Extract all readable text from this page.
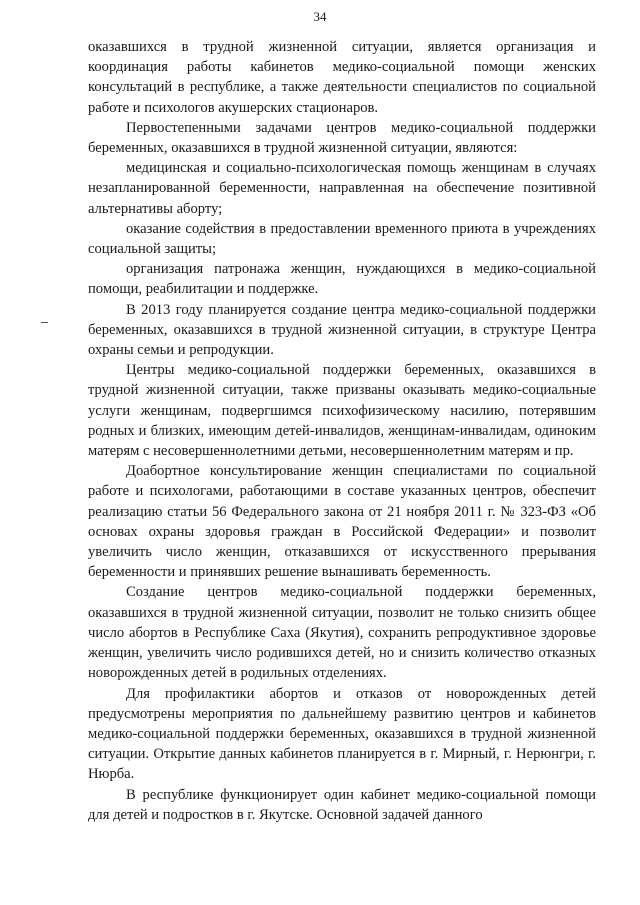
34

оказавшихся в трудной жизненной ситуации, является организация и координация работы кабинетов медико-социальной помощи женских консультаций в республике, а также деятельности специалистов по социальной работе и психологов акушерских стационаров.

Первостепенными задачами центров медико-социальной поддержки беременных, оказавшихся в трудной жизненной ситуации, являются:

медицинская и социально-психологическая помощь женщинам в случаях незапланированной беременности, направленная на обеспечение позитивной альтернативы аборту;

оказание содействия в предоставлении временного приюта в учреждениях социальной защиты;

организация патронажа женщин, нуждающихся в медико-социальной помощи, реабилитации и поддержке.

В 2013 году планируется создание центра медико-социальной поддержки беременных, оказавшихся в трудной жизненной ситуации, в структуре Центра охраны семьи и репродукции.

Центры медико-социальной поддержки беременных, оказавшихся в трудной жизненной ситуации, также призваны оказывать медико-социальные услуги женщинам, подвергшимся психофизическому насилию, потерявшим родных и близких, имеющим детей-инвалидов, женщинам-инвалидам, одиноким матерям с несовершеннолетними детьми, несовершеннолетним матерям и пр.

Доабортное консультирование женщин специалистами по социальной работе и психологами, работающими в составе указанных центров, обеспечит реализацию статьи 56 Федерального закона от 21 ноября 2011 г. № 323-ФЗ «Об основах охраны здоровья граждан в Российской Федерации» и позволит увеличить число женщин, отказавшихся от искусственного прерывания беременности и принявших решение вынашивать беременность.

Создание центров медико-социальной поддержки беременных, оказавшихся в трудной жизненной ситуации, позволит не только снизить общее число абортов в Республике Саха (Якутия), сохранить репродуктивное здоровье женщин, увеличить число родившихся детей, но и снизить количество отказных новорожденных детей в родильных отделениях.

Для профилактики абортов и отказов от новорожденных детей предусмотрены мероприятия по дальнейшему развитию центров и кабинетов медико-социальной поддержки беременных, оказавшихся в трудной жизненной ситуации. Открытие данных кабинетов планируется в г. Мирный, г. Нерюнгри, г. Нюрба.

В республике функционирует один кабинет медико-социальной помощи для детей и подростков в г. Якутске. Основной задачей данного
